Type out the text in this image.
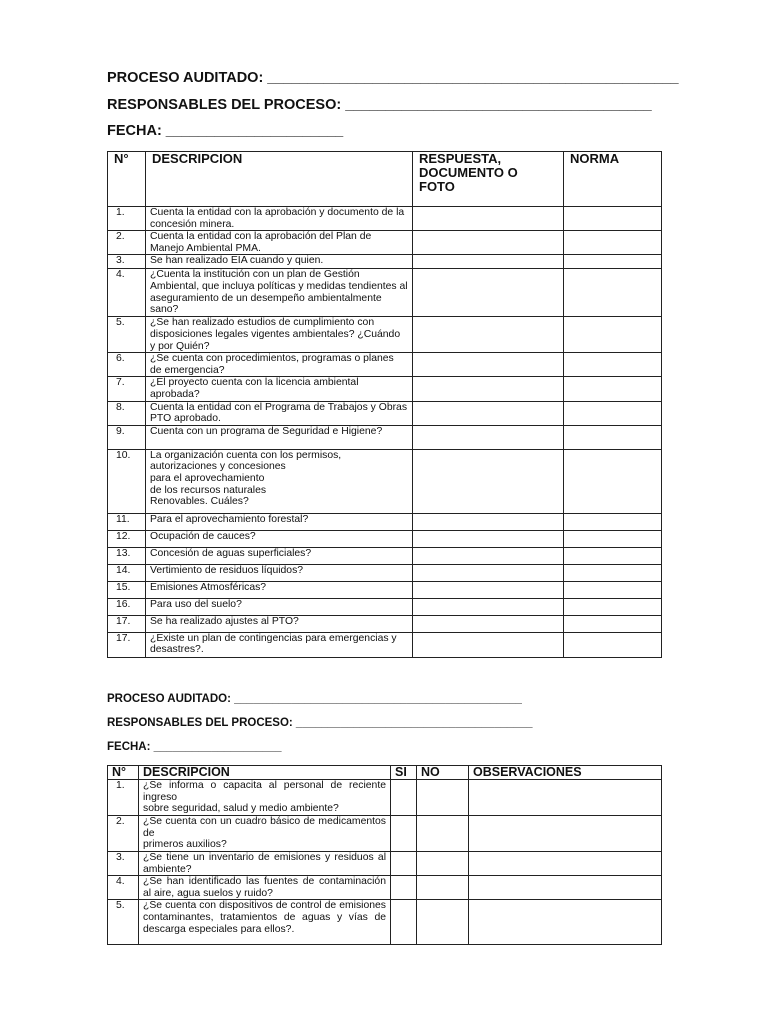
PROCESO AUDITADO: ___________________________________________________
RESPONSABLES DEL PROCESO: ______________________________________
FECHA: ______________________
N°	DESCRIPCION	RESPUESTA, DOCUMENTO O FOTO	NORMA
1.	Cuenta la entidad con la aprobación y documento de la concesión minera.		
2.	Cuenta la entidad con la aprobación del Plan de Manejo Ambiental PMA.		
3.	Se han realizado EIA cuando y quien.		
4.	¿Cuenta la institución con un plan de Gestión Ambiental, que incluya políticas y medidas tendientes al aseguramiento de un desempeño ambientalmente sano?		
5.	¿Se han realizado estudios de cumplimiento con disposiciones legales vigentes ambientales? ¿Cuándo y por Quién?		
6.	¿Se cuenta con procedimientos, programas o planes de emergencia?		
7.	¿El proyecto cuenta con la licencia ambiental aprobada?		
8.	Cuenta la entidad con el Programa de Trabajos y Obras PTO aprobado.		
9.	Cuenta con un programa de Seguridad e Higiene?		
10.	La organización cuenta con los permisos, autorizaciones y concesiones
para el aprovechamiento
de los recursos naturales
Renovables. Cuáles?		
11.	Para el aprovechamiento forestal?		
12.	Ocupación de cauces?		
13.	Concesión de aguas superficiales?		
14.	Vertimiento de residuos líquidos?		
15.	Emisiones Atmosféricas?		
16.	Para uso del suelo?		
17.	Se ha realizado ajustes al PTO?		
17.	¿Existe un plan de contingencias para emergencias y desastres?.		
PROCESO AUDITADO: _____________________________________________
RESPONSABLES DEL PROCESO: _____________________________________
FECHA: ____________________
N°	DESCRIPCION	SI	NO	OBSERVACIONES
1.	¿Se informa o capacita al personal de reciente ingreso
sobre seguridad, salud y medio ambiente?			
2.	¿Se cuenta con un cuadro básico de medicamentos de
primeros auxilios?			
3.	¿Se tiene un inventario de emisiones y residuos al ambiente?			
4.	¿Se han identificado las fuentes de contaminación al aire, agua suelos y ruido?			
5.	¿Se cuenta con dispositivos de control de emisiones contaminantes, tratamientos de aguas y vías de descarga especiales para ellos?.			
